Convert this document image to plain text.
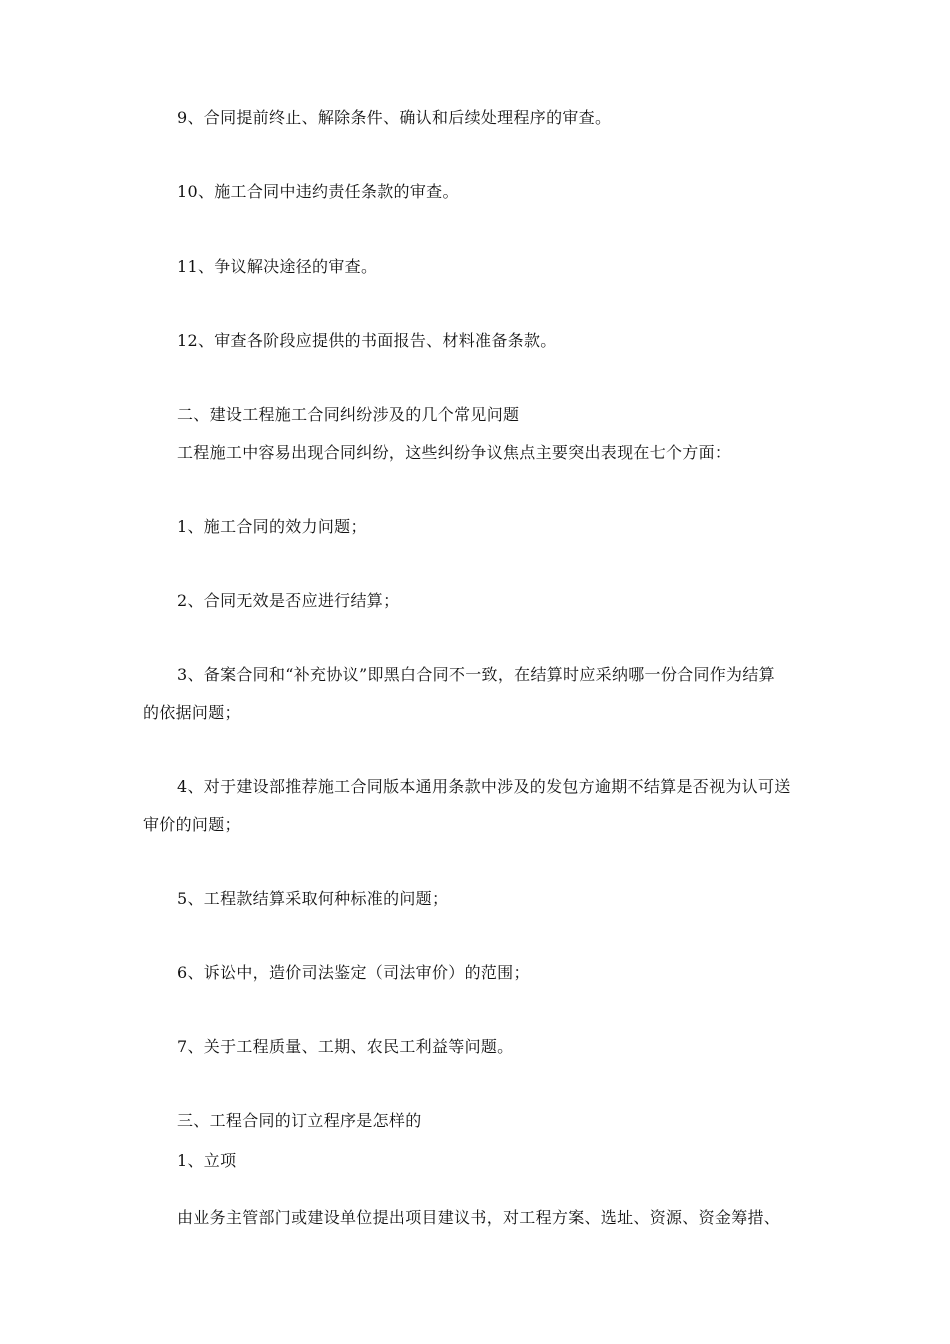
9、合同提前终止、解除条件、确认和后续处理程序的审查。
10、施工合同中违约责任条款的审查。
11、争议解决途径的审查。
12、审查各阶段应提供的书面报告、材料准备条款。
二、建设工程施工合同纠纷涉及的几个常见问题
工程施工中容易出现合同纠纷，这些纠纷争议焦点主要突出表现在七个方面：
1、施工合同的效力问题；
2、合同无效是否应进行结算；
3、备案合同和“补充协议”即黑白合同不一致，在结算时应采纳哪一份合同作为结算
的依据问题；
4、对于建设部推荐施工合同版本通用条款中涉及的发包方逾期不结算是否视为认可送
审价的问题；
5、工程款结算采取何种标准的问题；
6、诉讼中，造价司法鉴定（司法审价）的范围；
7、关于工程质量、工期、农民工利益等问题。
三、工程合同的订立程序是怎样的
1、立项
由业务主管部门或建设单位提出项目建议书，对工程方案、选址、资源、资金筹措、
